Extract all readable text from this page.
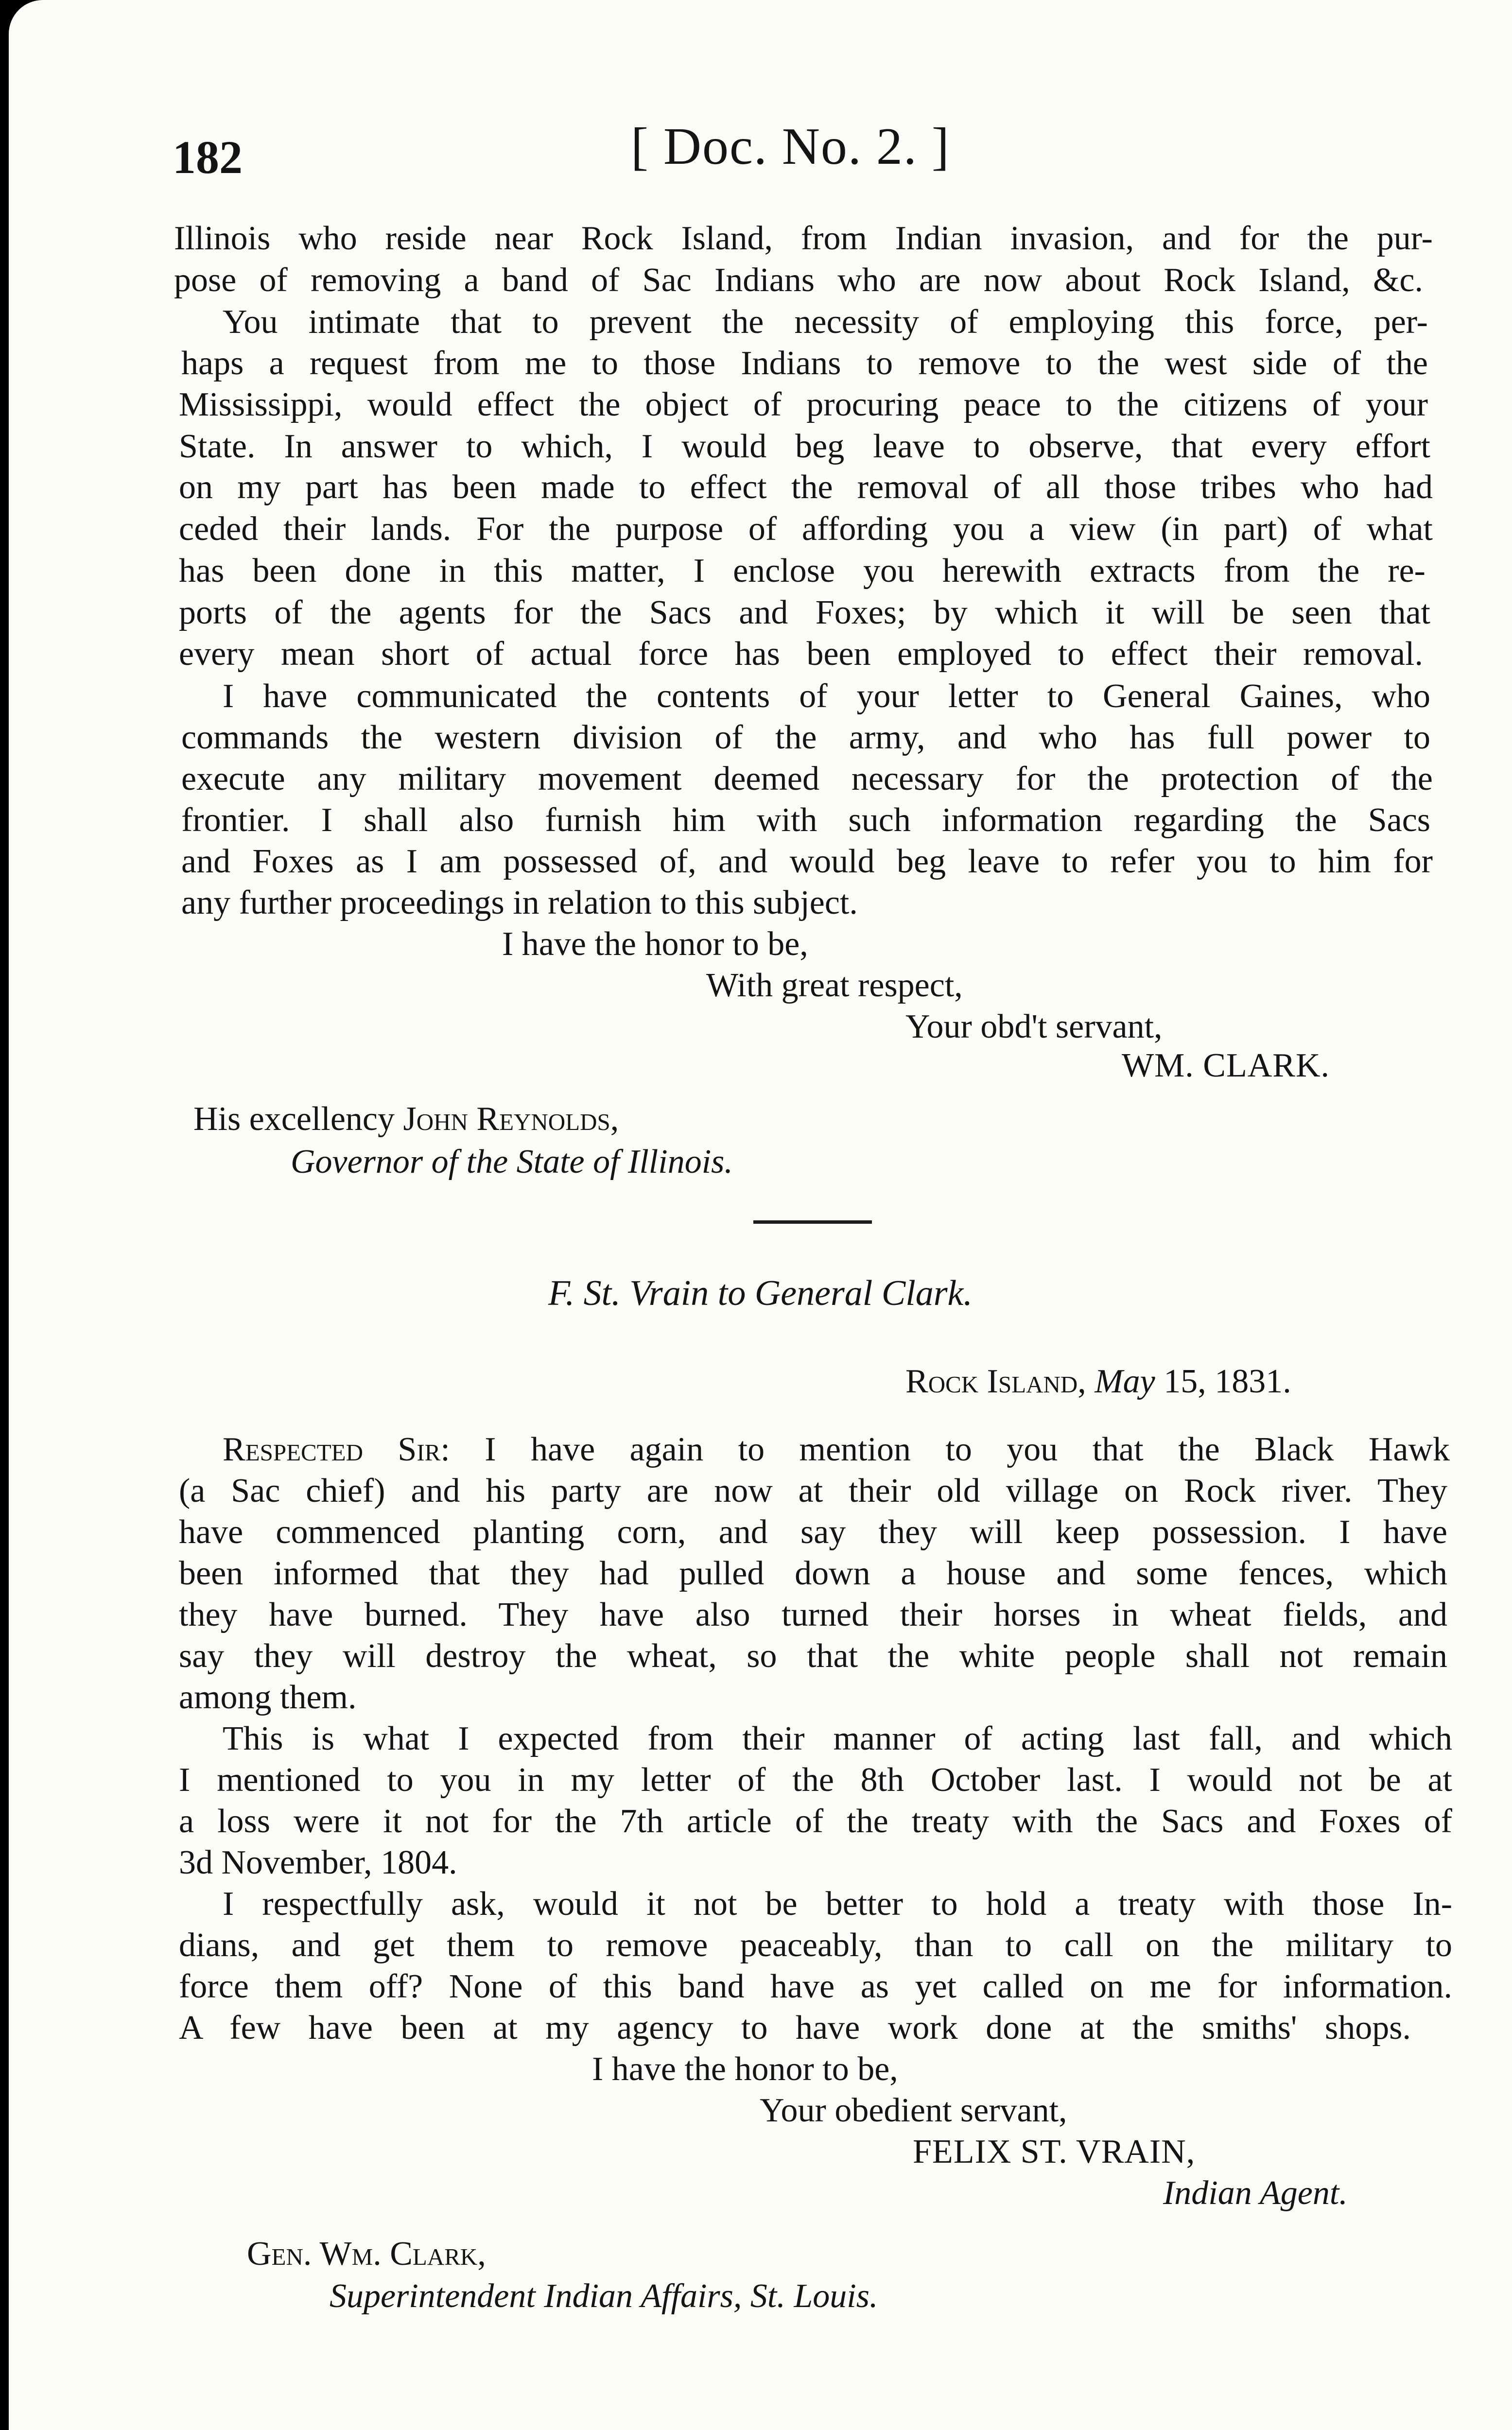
182	[ Doc. No. 2. ]
Illinois who reside near Rock Island, from Indian invasion, and for the pur-
pose of removing a band of Sac Indians who are now about Rock Island, &c.
You intimate that to prevent the necessity of employing this force, per-
haps a request from me to those Indians to remove to the west side of the
Mississippi, would effect the object of procuring peace to the citizens of your
State. In answer to which, I would beg leave to observe, that every effort
on my part has been made to effect the removal of all those tribes who had
ceded their lands. For the purpose of affording you a view (in part) of what
has been done in this matter, I enclose you herewith extracts from the re-
ports of the agents for the Sacs and Foxes; by which it will be seen that
every mean short of actual force has been employed to effect their removal.
I have communicated the contents of your letter to General Gaines, who
commands the western division of the army, and who has full power to
execute any military movement deemed necessary for the protection of the
frontier. I shall also furnish him with such information regarding the Sacs
and Foxes as I am possessed of, and would beg leave to refer you to him for
any further proceedings in relation to this subject.
I have the honor to be,
With great respect,
Your obd't servant,
WM. CLARK.
His excellency John Reynolds,
Governor of the State of Illinois.
F. St. Vrain to General Clark.
Rock Island, May 15, 1831.
Respected Sir: I have again to mention to you that the Black Hawk
(a Sac chief) and his party are now at their old village on Rock river. They
have commenced planting corn, and say they will keep possession. I have
been informed that they had pulled down a house and some fences, which
they have burned. They have also turned their horses in wheat fields, and
say they will destroy the wheat, so that the white people shall not remain
among them.
This is what I expected from their manner of acting last fall, and which
I mentioned to you in my letter of the 8th October last. I would not be at
a loss were it not for the 7th article of the treaty with the Sacs and Foxes of
3d November, 1804.
I respectfully ask, would it not be better to hold a treaty with those In-
dians, and get them to remove peaceably, than to call on the military to
force them off? None of this band have as yet called on me for information.
A few have been at my agency to have work done at the smiths' shops.
I have the honor to be,
Your obedient servant,
FELIX ST. VRAIN,
Indian Agent.
Gen. Wm. Clark,
Superintendent Indian Affairs, St. Louis.
